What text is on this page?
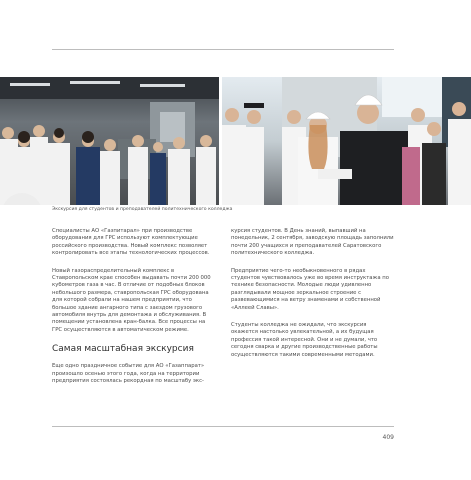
Экскурсия для студентов и преподавателей политехнического колледжа

Специалисты АО «Газпитарал» при производстве оборудования для ГРС используют комплектующие российского производства. Новый комплекс позволяет контролировать все этапы технологических процессов.

Новый газораспределительный комплекс в Ставропольском крае способен выдавать почти 200 000 кубометров газа в час. В отличие от подобных блоков небольшого размера, ставропольская ГРС оборудована для которой собрали на нашем предприятии, что большое здание ангарного типа с заездом грузового автомобиля внутрь для демонтажа и обслуживания. В помещении установлена кран-балка. Все процессы на ГРС осуществляются в автоматическом режиме.

Самая масштабная экскурсия

Еще одно праздничное событие для АО «Газаппарат» произошло осенью этого года, когда на территории предприятия состоялась рекордная по масштабу экс-

курсия студентов. В День знаний, выпавший на понедельник, 2 сентября, заводскую площадь заполнили почти 200 учащихся и преподавателей Саратовского политехнического колледжа.

Предприятие чего-то необыкновенного в рядах студентов чувствовалось уже во время инструктажа по технике безопасности. Молодые люди удивленно разглядывали мощное зеркальное строение с развевающимися на ветру знаменами и собственной «Аллеей Славы».

Студенты колледжа не ожидали, что экскурсия окажется настолько увлекательной, а их будущая профессия такой интересной. Они и не думали, что сегодня сварка и другие производственные работы осуществляются такими современными методами.

409
